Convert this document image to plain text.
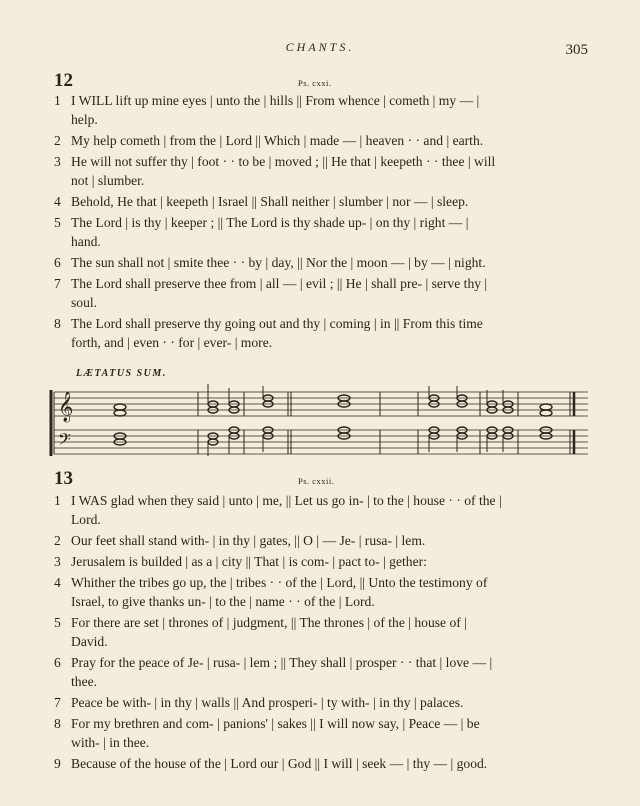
CHANTS.	305
12	Ps. cxxi.
1 I WILL lift up mine eyes | unto the | hills || From whence | cometh | my — |
help.
2 My help cometh | from the | Lord || Which | made — | heaven · · and | earth.
3 He will not suffer thy | foot · · to be | moved ; || He that | keepeth · · thee | will
not | slumber.
4 Behold, He that | keepeth | Israel || Shall neither | slumber | nor — | sleep.
5 The Lord | is thy | keeper ; || The Lord is thy shade up- | on thy | right — |
hand.
6 The sun shall not | smite thee · · by | day, || Nor the | moon — | by — | night.
7 The Lord shall preserve thee from | all — | evil ; || He | shall pre- | serve thy |
soul.
8 The Lord shall preserve thy going out and thy | coming | in || From this time
forth, and | even · · for | ever- | more.
LÆTATUS SUM.
𝄞
𝄢
13	Ps. cxxii.
1 I WAS glad when they said | unto | me, || Let us go in- | to the | house · · of the |
Lord.
2 Our feet shall stand with- | in thy | gates, || O | — Je- | rusa- | lem.
3 Jerusalem is builded | as a | city || That | is com- | pact to- | gether:
4 Whither the tribes go up, the | tribes · · of the | Lord, || Unto the testimony of
Israel, to give thanks un- | to the | name · · of the | Lord.
5 For there are set | thrones of | judgment, || The thrones | of the | house of |
David.
6 Pray for the peace of Je- | rusa- | lem ; || They shall | prosper · · that | love — |
thee.
7 Peace be with- | in thy | walls || And prosperi- | ty with- | in thy | palaces.
8 For my brethren and com- | panions' | sakes || I will now say, | Peace — | be
with- | in thee.
9 Because of the house of the | Lord our | God || I will | seek — | thy — | good.
